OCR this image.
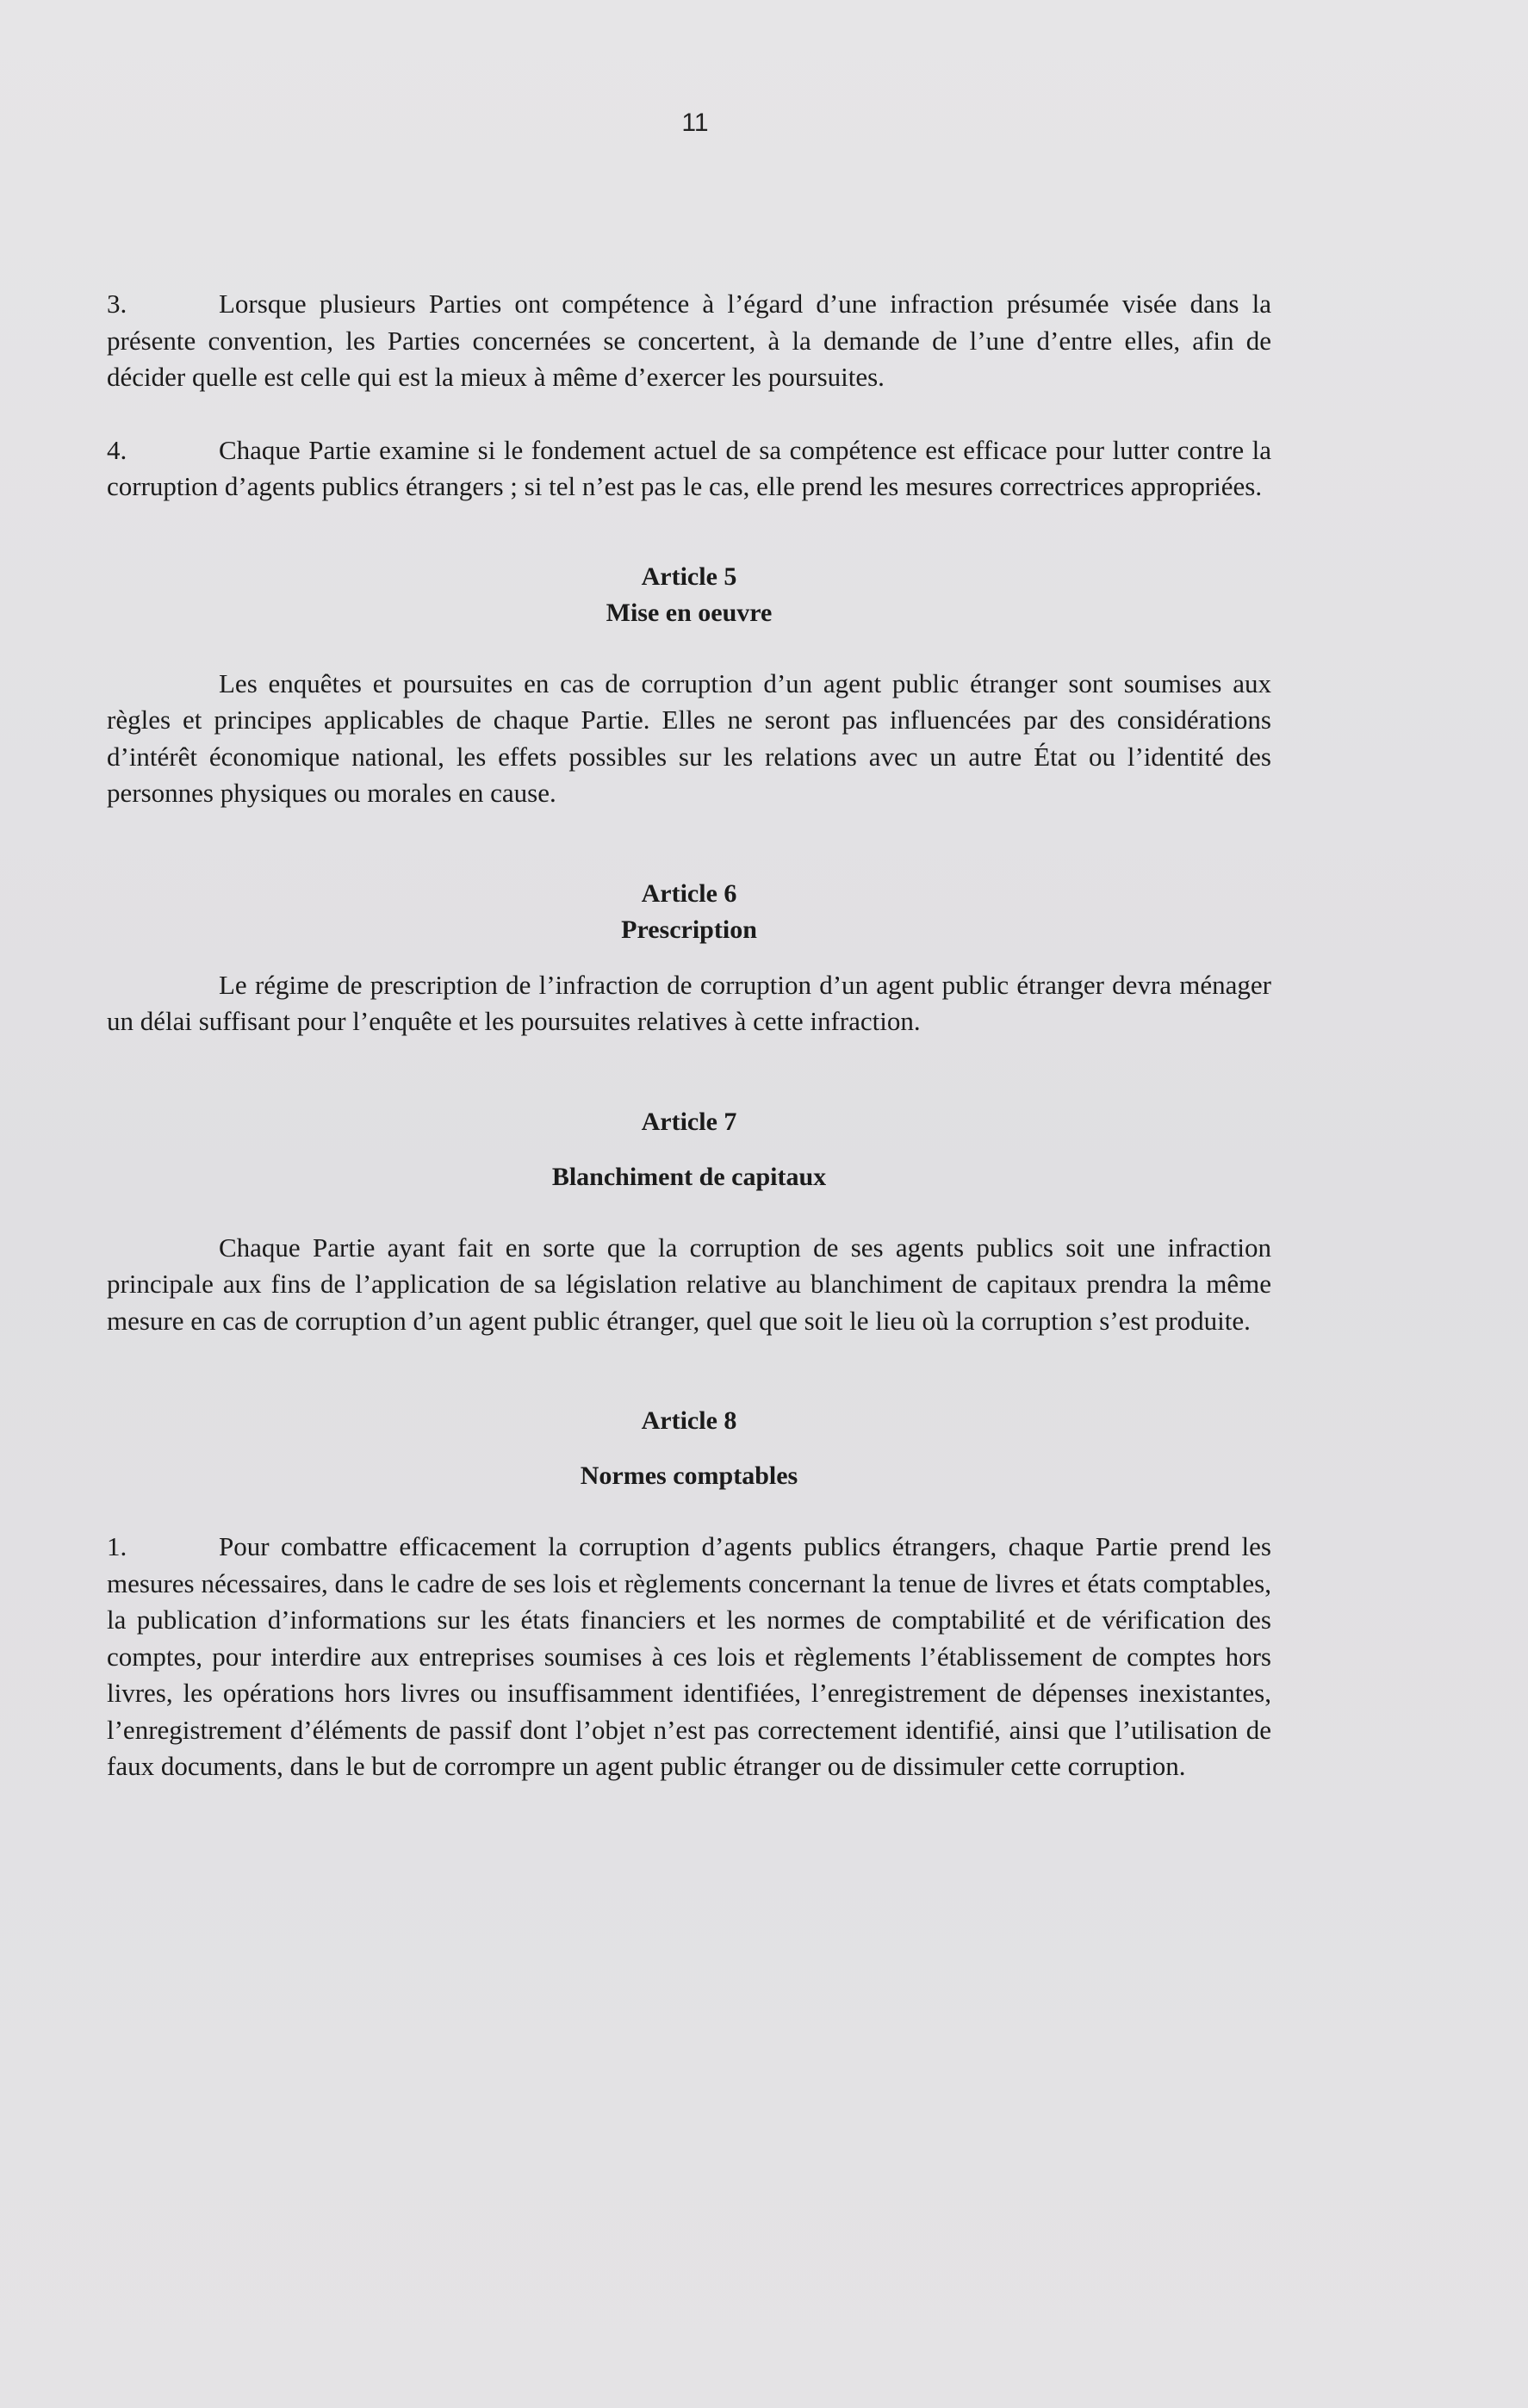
11

3.	Lorsque plusieurs Parties ont compétence à l’égard d’une infraction présumée visée dans la présente convention, les Parties concernées se concertent, à la demande de l’une d’entre elles, afin de décider quelle est celle qui est la mieux à même d’exercer les poursuites.

4.	Chaque Partie examine si le fondement actuel de sa compétence est efficace pour lutter contre la corruption d’agents publics étrangers ; si tel n’est pas le cas, elle prend les mesures correctrices appropriées.

Article 5

Mise en oeuvre

Les enquêtes et poursuites en cas de corruption d’un agent public étranger sont soumises aux règles et principes applicables de chaque Partie. Elles ne seront pas influencées par des considérations d’intérêt économique national, les effets possibles sur les relations avec un autre État ou l’identité des personnes physiques ou morales en cause.

Article 6

Prescription

Le régime de prescription de l’infraction de corruption d’un agent public étranger devra ménager un délai suffisant pour l’enquête et les poursuites relatives à cette infraction.

Article 7

Blanchiment de capitaux

Chaque Partie ayant fait en sorte que la corruption de ses agents publics soit une infraction principale aux fins de l’application de sa législation relative au blanchiment de capitaux prendra la même mesure en cas de corruption d’un agent public étranger, quel que soit le lieu où la corruption s’est produite.

Article 8

Normes comptables

1.	Pour combattre efficacement la corruption d’agents publics étrangers, chaque Partie prend les mesures nécessaires, dans le cadre de ses lois et règlements concernant la tenue de livres et états comptables, la publication d’informations sur les états financiers et les normes de comptabilité et de vérification des comptes, pour interdire aux entreprises soumises à ces lois et règlements l’établissement de comptes hors livres, les opérations hors livres ou insuffisamment identifiées, l’enregistrement de dépenses inexistantes, l’enregistrement d’éléments de passif dont l’objet n’est pas correctement identifié, ainsi que l’utilisation de faux documents, dans le but de corrompre un agent public étranger ou de dissimuler cette corruption.
